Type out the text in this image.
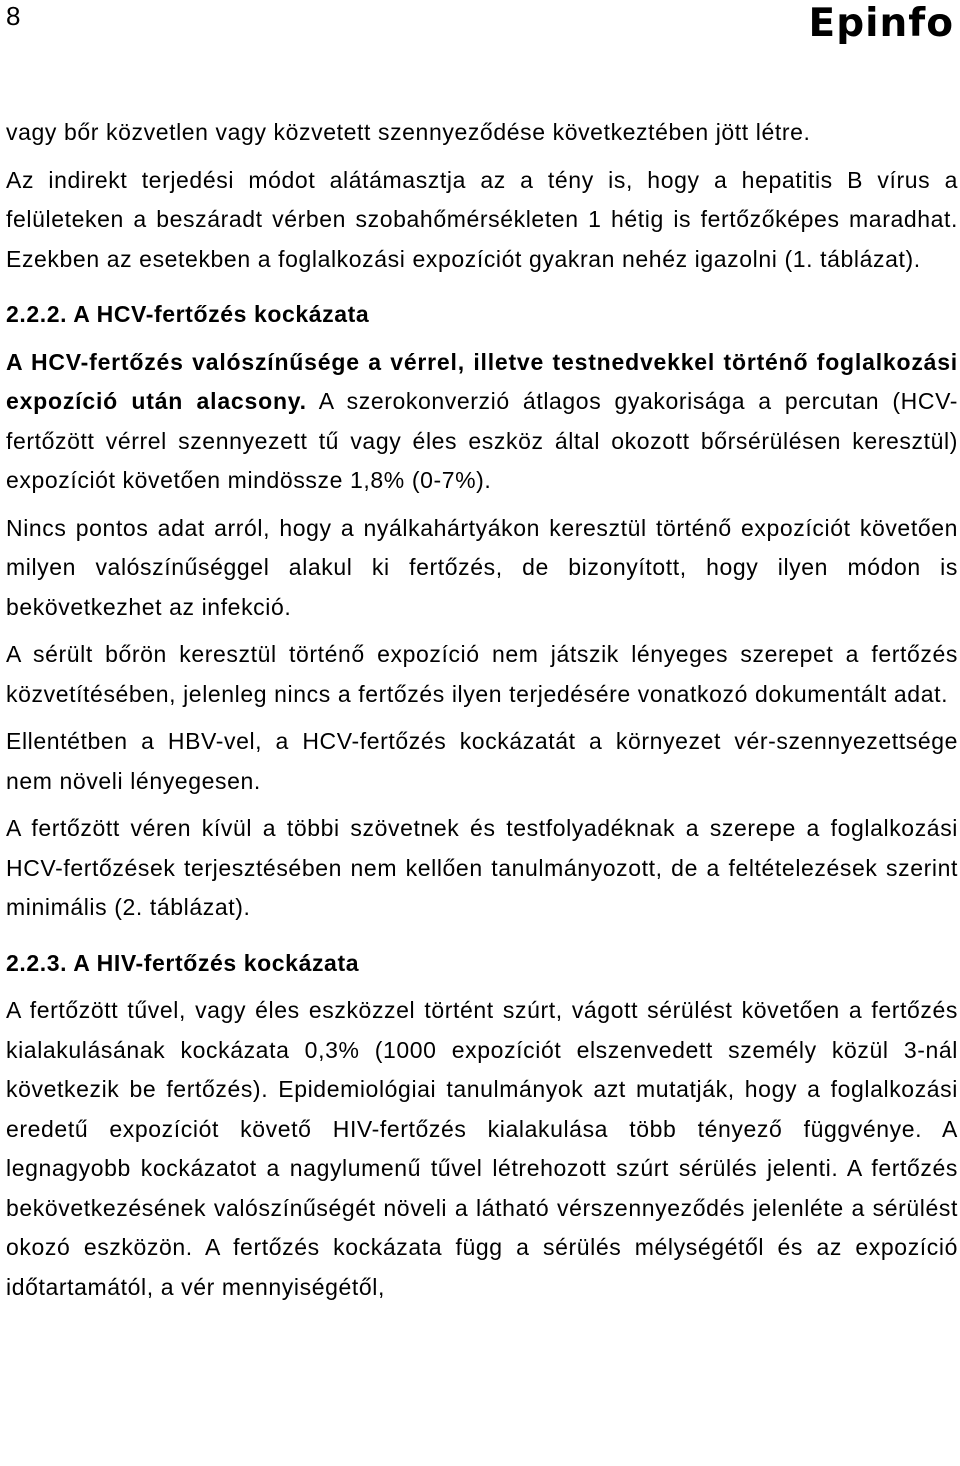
8	Epinfo

vagy bőr közvetlen vagy közvetett szennyeződése következtében jött létre.

Az indirekt terjedési módot alátámasztja az a tény is, hogy a hepatitis B vírus a felületeken a beszáradt vérben szobahőmérsékleten 1 hétig is fertőzőképes maradhat. Ezekben az esetekben a foglalkozási expozíciót gyakran nehéz igazolni (1. táblázat).

2.2.2. A HCV-fertőzés kockázata

A HCV-fertőzés valószínűsége a vérrel, illetve testnedvekkel történő foglalkozási expozíció után alacsony. A szerokonverzió átlagos gyakorisága a percutan (HCV-fertőzött vérrel szennyezett tű vagy éles eszköz által okozott bőrsérülésen keresztül) expozíciót követően mindössze 1,8% (0-7%).

Nincs pontos adat arról, hogy a nyálkahártyákon keresztül történő expozíciót követően milyen valószínűséggel alakul ki fertőzés, de bizonyított, hogy ilyen módon is bekövetkezhet az infekció.

A sérült bőrön keresztül történő expozíció nem játszik lényeges szerepet a fertőzés közvetítésében, jelenleg nincs a fertőzés ilyen terjedésére vonatkozó dokumentált adat.

Ellentétben a HBV-vel, a HCV-fertőzés kockázatát a környezet vér-szennyezettsége nem növeli lényegesen.

A fertőzött véren kívül a többi szövetnek és testfolyadéknak a szerepe a foglalkozási HCV-fertőzések terjesztésében nem kellően tanulmányozott, de a feltételezések szerint minimális (2. táblázat).

2.2.3. A HIV-fertőzés kockázata

A fertőzött tűvel, vagy éles eszközzel történt szúrt, vágott sérülést követően a fertőzés kialakulásának kockázata 0,3% (1000 expozíciót elszenvedett személy közül 3-nál következik be fertőzés). Epidemiológiai tanulmányok azt mutatják, hogy a foglalkozási eredetű expozíciót követő HIV-fertőzés kialakulása több tényező függvénye. A legnagyobb kockázatot a nagylumenű tűvel létrehozott szúrt sérülés jelenti. A fertőzés bekövetkezésének valószínűségét növeli a látható vérszennyeződés jelenléte a sérülést okozó eszközön. A fertőzés kockázata függ a sérülés mélységétől és az expozíció időtartamától, a vér mennyiségétől,
